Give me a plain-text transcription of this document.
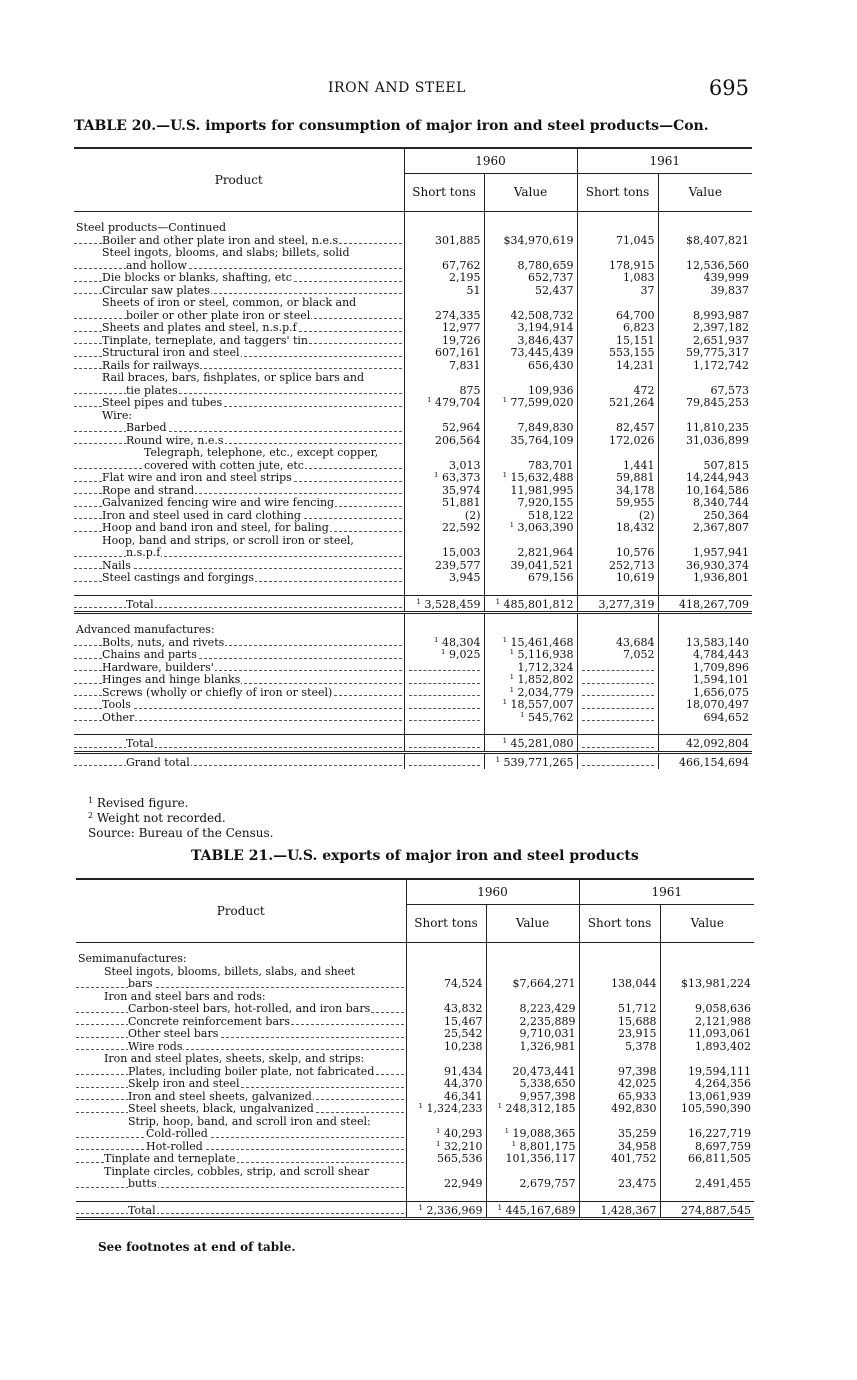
IRON AND STEEL	695
TABLE 20.—U.S. imports for consumption of major iron and steel products—Con.
Product	1960		1961	
	Short tons	Value	Short tons	Value

Steel products—Continued				
Boiler and other plate iron and steel, n.e.s	301,885	$34,970,619	71,045	$8,407,821
Steel ingots, blooms, and slabs; billets, solid				
and hollow	67,762	8,780,659	178,915	12,536,560
Die blocks or blanks, shafting, etc	2,195	652,737	1,083	439,999
Circular saw plates	51	52,437	37	39,837
Sheets of iron or steel, common, or black and				
boiler or other plate iron or steel	274,335	42,508,732	64,700	8,993,987
Sheets and plates and steel, n.s.p.f	12,977	3,194,914	6,823	2,397,182
Tinplate, terneplate, and taggers' tin	19,726	3,846,437	15,151	2,651,937
Structural iron and steel	607,161	73,445,439	553,155	59,775,317
Rails for railways	7,831	656,430	14,231	1,172,742
Rail braces, bars, fishplates, or splice bars and				
tie plates	875	109,936	472	67,573
Steel pipes and tubes	$^1$ 479,704	$^1$ 77,599,020	521,264	79,845,253
Wire:				
Barbed	52,964	7,849,830	82,457	11,810,235
Round wire, n.e.s	206,564	35,764,109	172,026	31,036,899
Telegraph, telephone, etc., except copper,				
covered with cotten jute, etc	3,013	783,701	1,441	507,815
Flat wire and iron and steel strips	$^1$ 63,373	$^1$ 15,632,488	59,881	14,244,943
Rope and strand	35,974	11,981,995	34,178	10,164,586
Galvanized fencing wire and wire fencing	51,881	7,920,155	59,955	8,340,744
Iron and steel used in card clothing	(2)	518,122	(2)	250,364
Hoop and band iron and steel, for baling	22,592	$^1$ 3,063,390	18,432	2,367,807
Hoop, band and strips, or scroll iron or steel,				
n.s.p.f	15,003	2,821,964	10,576	1,957,941
Nails	239,577	39,041,521	252,713	36,930,374
Steel castings and forgings	3,945	679,156	10,619	1,936,801

Total	$^1$ 3,528,459	$^1$ 485,801,812	3,277,319	418,267,709

Advanced manufactures:				
Bolts, nuts, and rivets	$^1$ 48,304	$^1$ 15,461,468	43,684	13,583,140
Chains and parts	$^1$ 9,025	$^1$ 5,116,938	7,052	4,784,443
Hardware, builders'		1,712,324		1,709,896
Hinges and hinge blanks		$^1$ 1,852,802		1,594,101
Screws (wholly or chiefly of iron or steel)		$^1$ 2,034,779		1,656,075
Tools		$^1$ 18,557,007		18,070,497
Other		$^1$ 545,762		694,652

Total		$^1$ 45,281,080		42,092,804
Grand total		$^1$ 539,771,265		466,154,694
$^1$ Revised figure.
$^2$ Weight not recorded.
Source: Bureau of the Census.
TABLE 21.—U.S. exports of major iron and steel products
Product	1960		1961	
	Short tons	Value	Short tons	Value

Semimanufactures:				
Steel ingots, blooms, billets, slabs, and sheet				
bars	74,524	$7,664,271	138,044	$13,981,224
Iron and steel bars and rods:				
Carbon-steel bars, hot-rolled, and iron bars	43,832	8,223,429	51,712	9,058,636
Concrete reinforcement bars	15,467	2,235,889	15,688	2,121,988
Other steel bars	25,542	9,710,031	23,915	11,093,061
Wire rods	10,238	1,326,981	5,378	1,893,402
Iron and steel plates, sheets, skelp, and strips:				
Plates, including boiler plate, not fabricated	91,434	20,473,441	97,398	19,594,111
Skelp iron and steel	44,370	5,338,650	42,025	4,264,356
Iron and steel sheets, galvanized	46,341	9,957,398	65,933	13,061,939
Steel sheets, black, ungalvanized	$^1$ 1,324,233	$^1$ 248,312,185	492,830	105,590,390
Strip, hoop, band, and scroll iron and steel:				
Cold-rolled	$^1$ 40,293	$^1$ 19,088,365	35,259	16,227,719
Hot-rolled	$^1$ 32,210	$^1$ 8,801,175	34,958	8,697,759
Tinplate and terneplate	565,536	101,356,117	401,752	66,811,505
Tinplate circles, cobbles, strip, and scroll shear				
butts	22,949	2,679,757	23,475	2,491,455

Total	$^1$ 2,336,969	$^1$ 445,167,689	1,428,367	274,887,545
See footnotes at end of table.
